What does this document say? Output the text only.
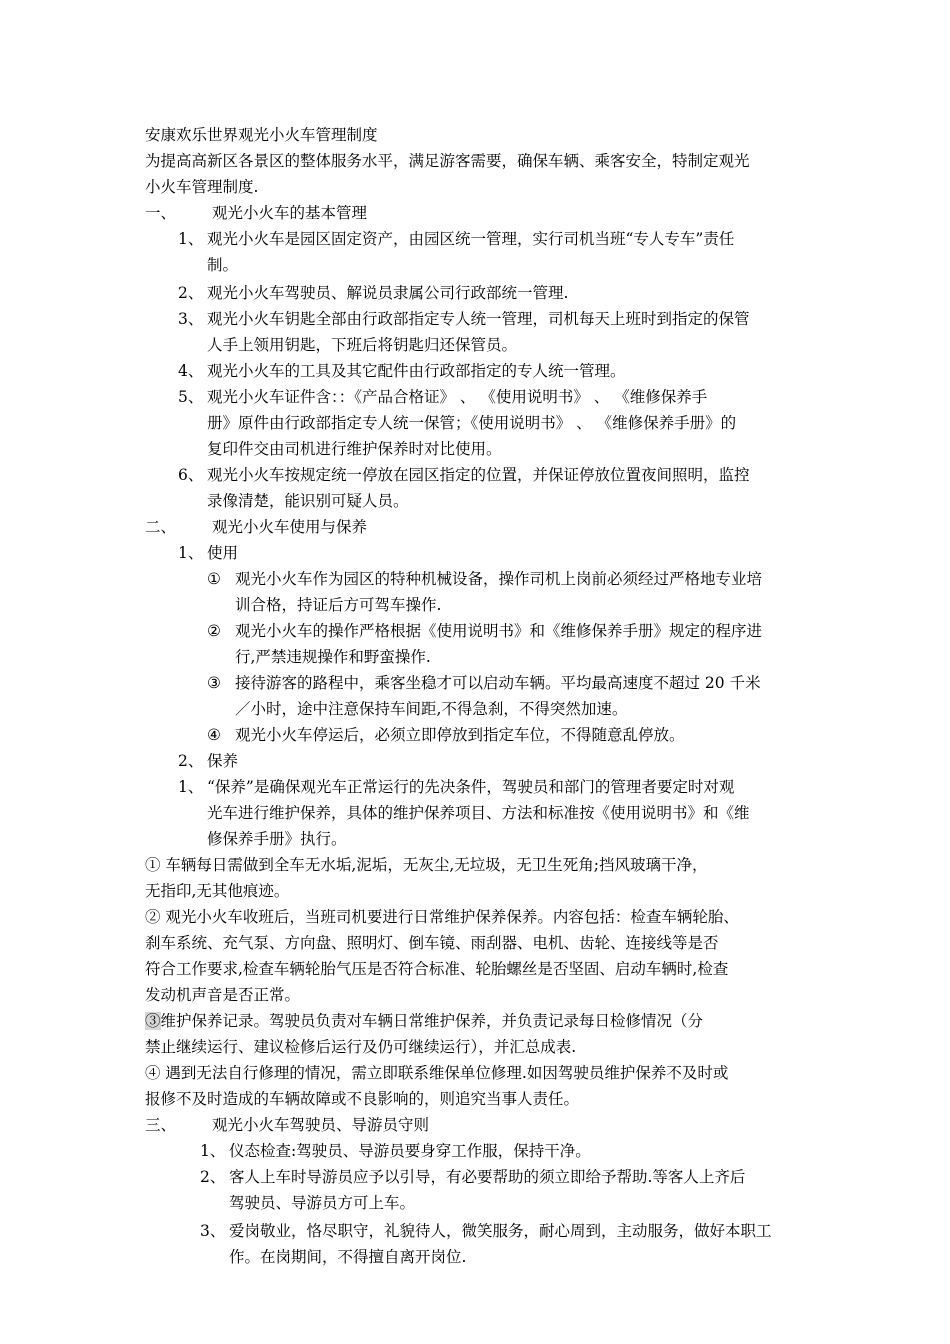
安康欢乐世界观光小火车管理制度
为提高高新区各景区的整体服务水平，满足游客需要，确保车辆、乘客安全，特制定观光
小火车管理制度.
一、 观光小火车的基本管理
1、 观光小火车是园区固定资产，由园区统一管理，实行司机当班“专人专车”责任
制。
2、 观光小火车驾驶员、解说员隶属公司行政部统一管理.
3、 观光小火车钥匙全部由行政部指定专人统一管理，司机每天上班时到指定的保管
人手上领用钥匙，下班后将钥匙归还保管员。
4、 观光小火车的工具及其它配件由行政部指定的专人统一管理。
5、 观光小火车证件含：：《产品合格证》 、 《使用说明书》 、 《维修保养手
册》原件由行政部指定专人统一保管；《使用说明书》 、 《维修保养手册》的
复印件交由司机进行维护保养时对比使用。
6、 观光小火车按规定统一停放在园区指定的位置，并保证停放位置夜间照明，监控
录像清楚，能识别可疑人员。
二、 观光小火车使用与保养
1、 使用
① 观光小火车作为园区的特种机械设备，操作司机上岗前必须经过严格地专业培
训合格，持证后方可驾车操作.
② 观光小火车的操作严格根据《使用说明书》和《维修保养手册》规定的程序进
行,严禁违规操作和野蛮操作.
③ 接待游客的路程中，乘客坐稳才可以启动车辆。平均最高速度不超过 20 千米
／小时，途中注意保持车间距,不得急刹，不得突然加速。
④ 观光小火车停运后，必须立即停放到指定车位，不得随意乱停放。
2、 保养
1、 “保养”是确保观光车正常运行的先决条件，驾驶员和部门的管理者要定时对观
光车进行维护保养，具体的维护保养项目、方法和标准按《使用说明书》和《维
修保养手册》执行。
① 车辆每日需做到全车无水垢,泥垢，无灰尘,无垃圾，无卫生死角;挡风玻璃干净，
无指印,无其他痕迹。
② 观光小火车收班后，当班司机要进行日常维护保养保养。内容包括：检查车辆轮胎、
刹车系统、充气泵、方向盘、照明灯、倒车镜、雨刮器、电机、齿轮、连接线等是否
符合工作要求,检查车辆轮胎气压是否符合标准、轮胎螺丝是否坚固、启动车辆时,检查
发动机声音是否正常。
③维护保养记录。驾驶员负责对车辆日常维护保养，并负责记录每日检修情况（分
禁止继续运行、建议检修后运行及仍可继续运行），并汇总成表.
④ 遇到无法自行修理的情况，需立即联系维保单位修理.如因驾驶员维护保养不及时或
报修不及时造成的车辆故障或不良影响的，则追究当事人责任。
三、 观光小火车驾驶员、导游员守则
1、 仪态检查:驾驶员、导游员要身穿工作服，保持干净。
2、 客人上车时导游员应予以引导，有必要帮助的须立即给予帮助.等客人上齐后
驾驶员、导游员方可上车。
3、 爱岗敬业，恪尽职守，礼貌待人，微笑服务，耐心周到，主动服务，做好本职工
作。在岗期间，不得擅自离开岗位.
